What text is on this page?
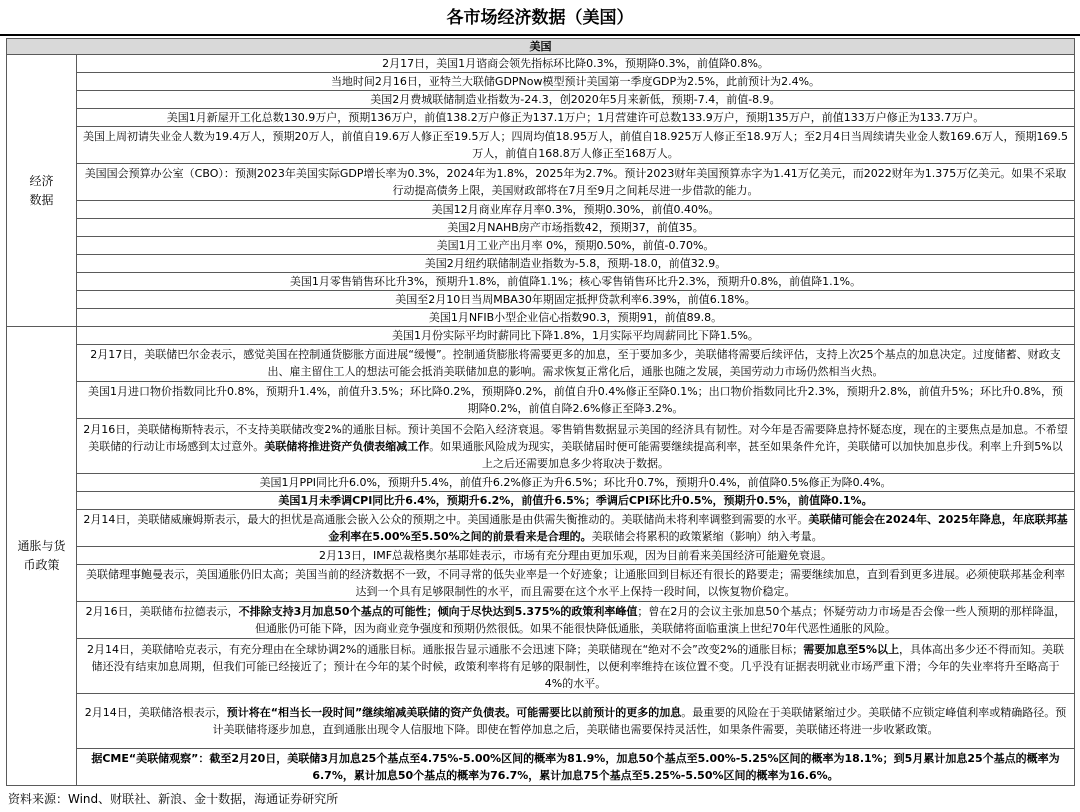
各市场经济数据（美国）
美国	
经济
数据	2月17日，美国1月谘商会领先指标环比降0.3%，预期降0.3%，前值降0.8%。
	当地时间2月16日，亚特兰大联储GDPNow模型预计美国第一季度GDP为2.5%，此前预计为2.4%。
	美国2月费城联储制造业指数为-24.3，创2020年5月来新低，预期-7.4，前值-8.9。
	美国1月新屋开工化总数130.9万户，预期136万户，前值138.2万户修正为137.1万户；1月营建许可总数133.9万户，预期135万户，前值133万户修正为133.7万户。
	美国上周初请失业金人数为19.4万人，预期20万人，前值自19.6万人修正至19.5万人；四周均值18.95万人，前值自18.925万人修正至18.9万人；至2月4日当周续请失业金人数169.6万人，预期169.5万人，前值自168.8万人修正至168万人。
	美国国会预算办公室（CBO）：预测2023年美国实际GDP增长率为0.3%，2024年为1.8%，2025年为2.7%。预计2023财年美国预算赤字为1.41万亿美元，而2022财年为1.375万亿美元。如果不采取行动提高债务上限，美国财政部将在7月至9月之间耗尽进一步借款的能力。
	美国12月商业库存月率0.3%，预期0.30%，前值0.40%。
	美国2月NAHB房产市场指数42，预期37，前值35。
	美国1月工业产出月率 0%，预期0.50%，前值-0.70%。
	美国2月纽约联储制造业指数为-5.8，预期-18.0，前值32.9。
	美国1月零售销售环比升3%，预期升1.8%，前值降1.1%；核心零售销售环比升2.3%，预期升0.8%，前值降1.1%。
	美国至2月10日当周MBA30年期固定抵押贷款利率6.39%，前值6.18%。
	美国1月NFIB小型企业信心指数90.3，预期91，前值89.8。
通胀与货
币政策	美国1月份实际平均时薪同比下降1.8%，1月实际平均周薪同比下降1.5%。
	2月17日，美联储巴尔金表示，感觉美国在控制通货膨胀方面进展“缓慢”。控制通货膨胀将需要更多的加息，至于要加多少，美联储将需要后续评估，支持上次25个基点的加息决定。过度储蓄、财政支出、雇主留住工人的想法可能会抵消美联储加息的影响。需求恢复正常化后，通胀也随之发展，美国劳动力市场仍然相当火热。
	美国1月进口物价指数同比升0.8%，预期升1.4%，前值升3.5%；环比降0.2%，预期降0.2%，前值自升0.4%修正至降0.1%；出口物价指数同比升2.3%，预期升2.8%，前值升5%；环比升0.8%，预期降0.2%，前值自降2.6%修正至降3.2%。
	2月16日，美联储梅斯特表示，不支持美联储改变2%的通胀目标。预计美国不会陷入经济衰退。零售销售数据显示美国的经济具有韧性。对今年是否需要降息持怀疑态度，现在的主要焦点是加息。不希望美联储的行动让市场感到太过意外。美联储将推进资产负债表缩减工作。如果通胀风险成为现实，美联储届时便可能需要继续提高利率，甚至如果条件允许，美联储可以加快加息步伐。利率上升到5%以上之后还需要加息多少将取决于数据。
	美国1月PPI同比升6.0%，预期升5.4%，前值升6.2%修正为升6.5%；环比升0.7%，预期升0.4%，前值降0.5%修正为降0.4%。
	美国1月未季调CPI同比升6.4%，预期升6.2%，前值升6.5%；季调后CPI环比升0.5%，预期升0.5%，前值降0.1%。
	2月14日，美联储威廉姆斯表示，最大的担忧是高通胀会嵌入公众的预期之中。美国通胀是由供需失衡推动的。美联储尚未将利率调整到需要的水平。美联储可能会在2024年、2025年降息，年底联邦基金利率在5.00%至5.50%之间的前景看来是合理的。美联储会将累积的政策紧缩（影响）纳入考量。
	2月13日，IMF总裁格奥尔基耶娃表示，市场有充分理由更加乐观，因为目前看来美国经济可能避免衰退。
	美联储理事鲍曼表示，美国通胀仍旧太高；美国当前的经济数据不一致，不同寻常的低失业率是一个好迹象；让通胀回到目标还有很长的路要走；需要继续加息，直到看到更多进展。必须使联邦基金利率达到一个具有足够限制性的水平，而且需要在这个水平上保持一段时间，以恢复物价稳定。
	2月16日，美联储布拉德表示，不排除支持3月加息50个基点的可能性；倾向于尽快达到5.375%的政策利率峰值；曾在2月的会议主张加息50个基点；怀疑劳动力市场是否会像一些人预期的那样降温，但通胀仍可能下降，因为商业竞争强度和预期仍然很低。如果不能很快降低通胀，美联储将面临重演上世纪70年代恶性通胀的风险。
	2月14日，美联储哈克表示，有充分理由在全球协调2%的通胀目标。通胀报告显示通胀不会迅速下降；美联储现在“绝对不会”改变2%的通胀目标；需要加息至5%以上，具体高出多少还不得而知。美联储还没有结束加息周期，但我们可能已经接近了；预计在今年的某个时候，政策利率将有足够的限制性，以便利率维持在该位置不变。几乎没有证据表明就业市场严重下滑；今年的失业率将升至略高于4%的水平。
	2月14日，美联储洛根表示，预计将在“相当长一段时间”继续缩减美联储的资产负债表。可能需要比以前预计的更多的加息。最重要的风险在于美联储紧缩过少。美联储不应锁定峰值利率或精确路径。预计美联储将逐步加息，直到通胀出现令人信服地下降。即使在暂停加息之后，美联储也需要保持灵活性，如果条件需要，美联储还将进一步收紧政策。
	据CME“美联储观察”：截至2月20日，美联储3月加息25个基点至4.75%-5.00%区间的概率为81.9%，加息50个基点至5.00%-5.25%区间的概率为18.1%；到5月累计加息25个基点的概率为6.7%，累计加息50个基点的概率为76.7%，累计加息75个基点至5.25%-5.50%区间的概率为16.6%。
资料来源：Wind、财联社、新浪、金十数据，海通证券研究所
